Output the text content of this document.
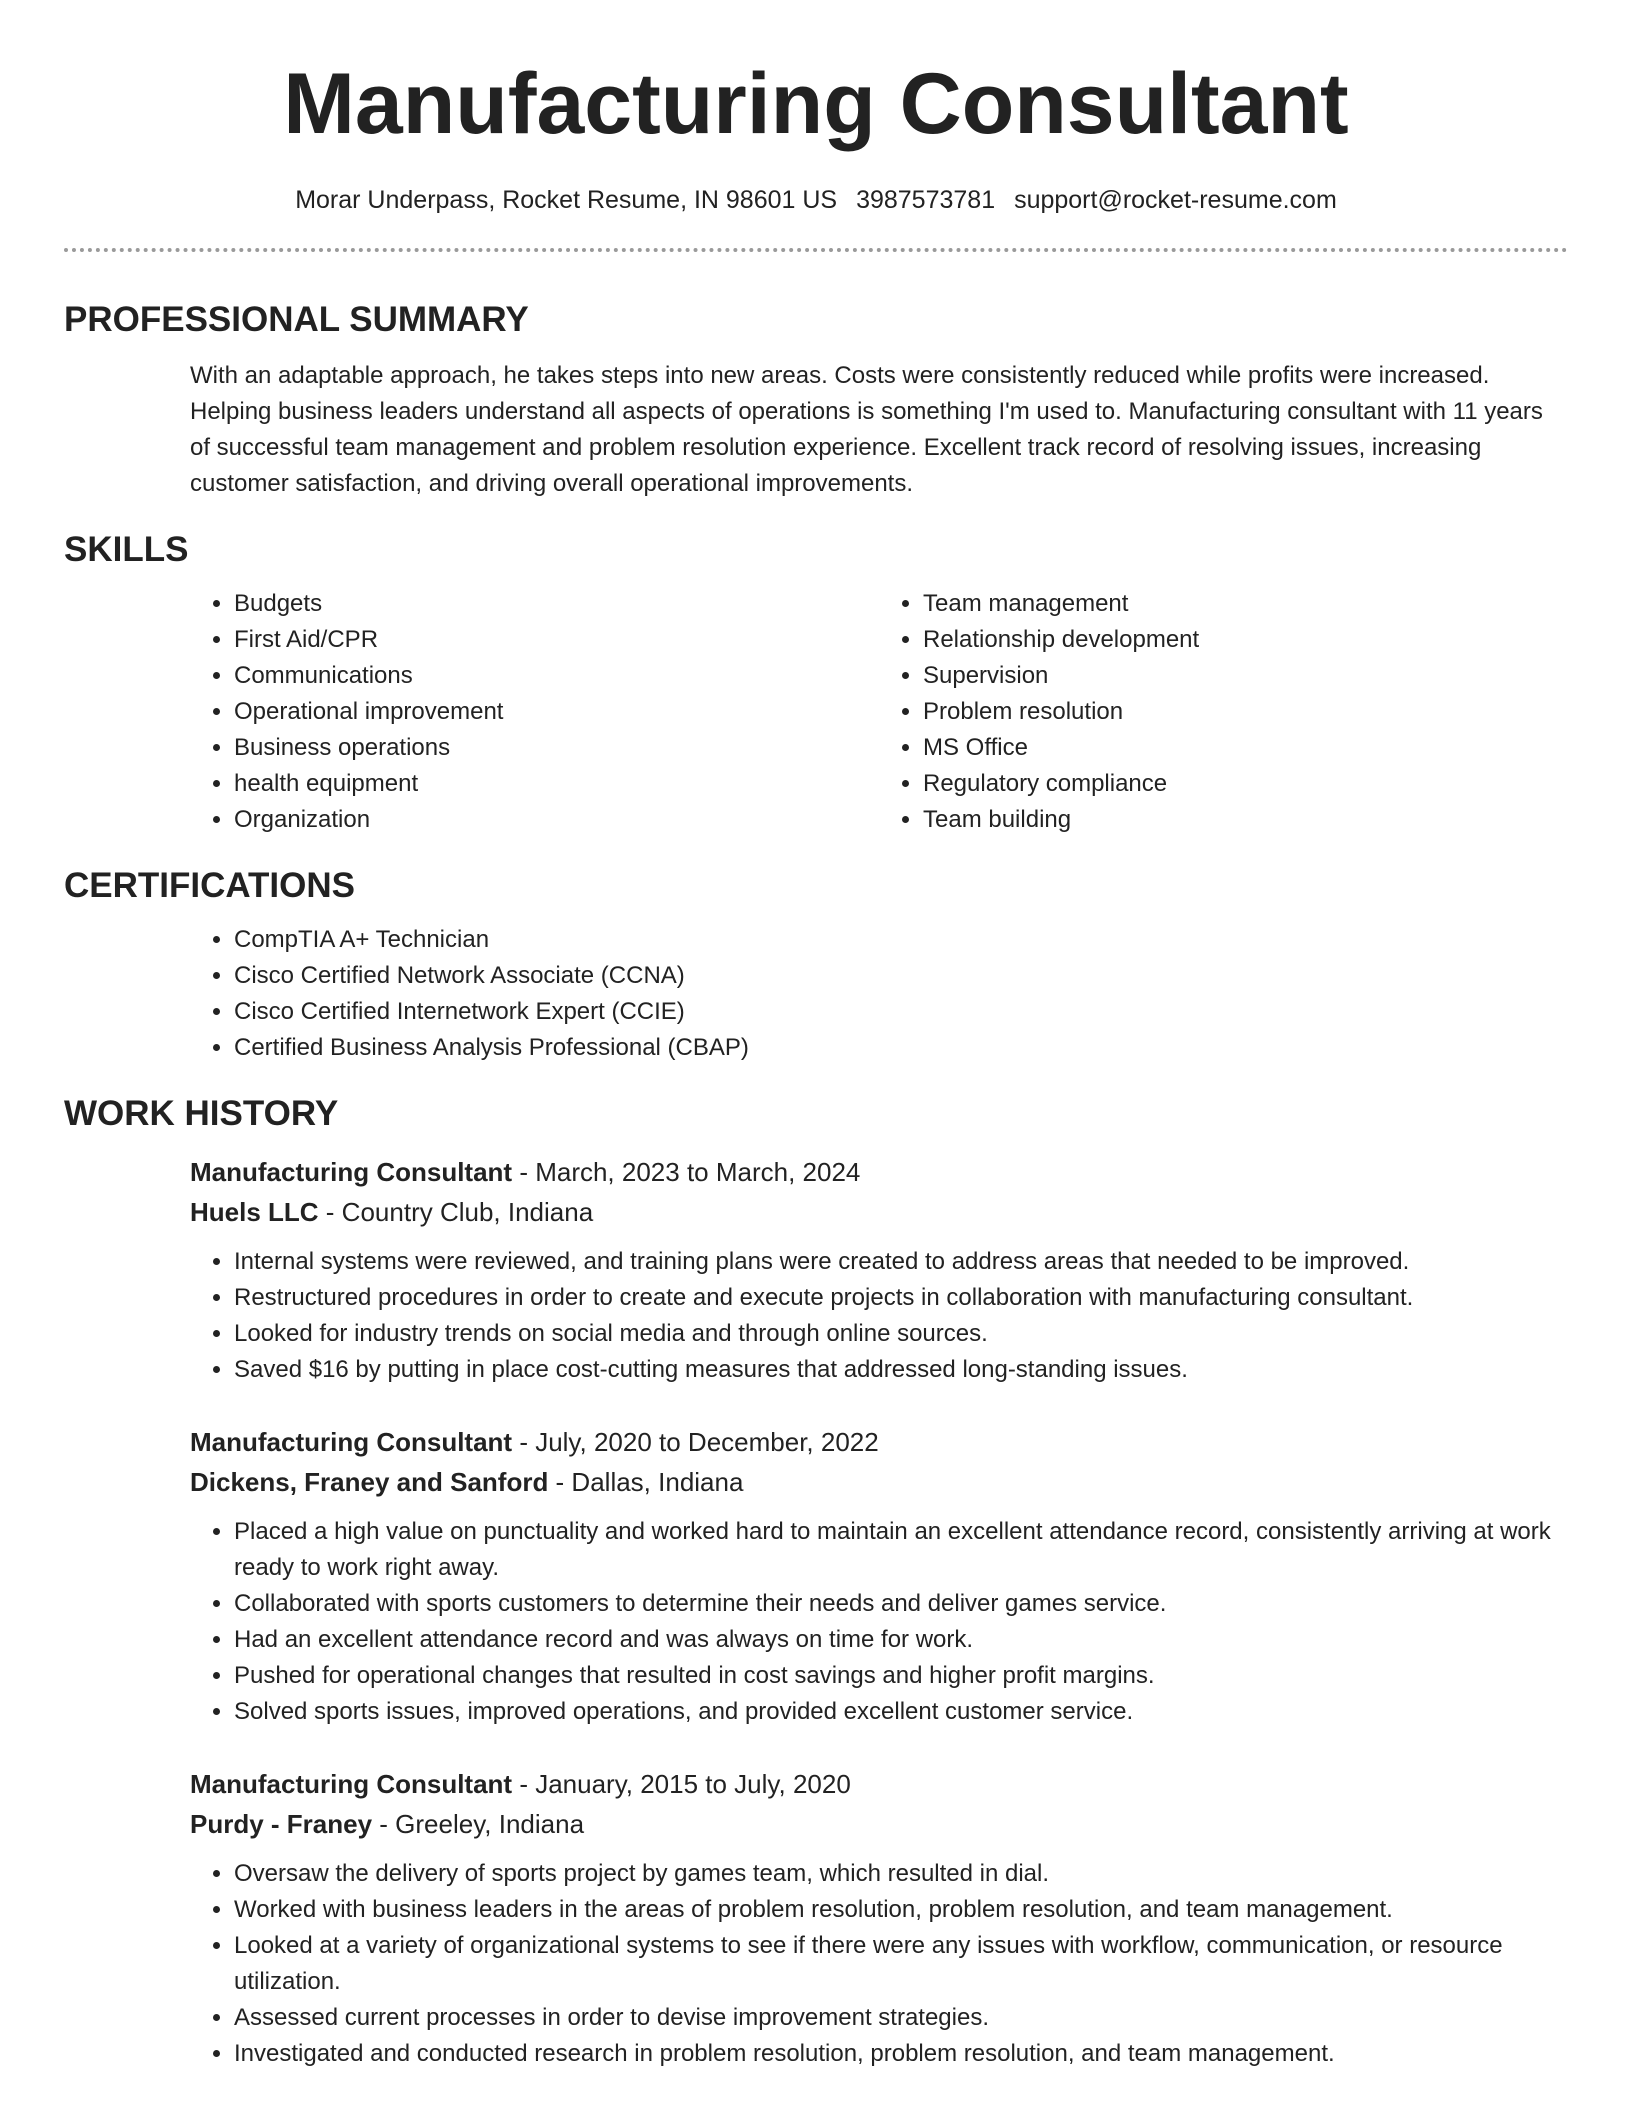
Manufacturing Consultant
Morar Underpass, Rocket Resume, IN 98601 US 3987573781 support@rocket-resume.com
PROFESSIONAL SUMMARY

With an adaptable approach, he takes steps into new areas. Costs were consistently reduced while profits were increased. Helping business leaders understand all aspects of operations is something I'm used to. Manufacturing consultant with 11 years of successful team management and problem resolution experience. Excellent track record of resolving issues, increasing customer satisfaction, and driving overall operational improvements.

SKILLS
• Budgets
• First Aid/CPR
• Communications
• Operational improvement
• Business operations
• health equipment
• Organization
• Team management
• Relationship development
• Supervision
• Problem resolution
• MS Office
• Regulatory compliance
• Team building
CERTIFICATIONS
• CompTIA A+ Technician
• Cisco Certified Network Associate (CCNA)
• Cisco Certified Internetwork Expert (CCIE)
• Certified Business Analysis Professional (CBAP)
WORK HISTORY
Manufacturing Consultant - March, 2023 to March, 2024
Huels LLC - Country Club, Indiana
• Internal systems were reviewed, and training plans were created to address areas that needed to be improved.
• Restructured procedures in order to create and execute projects in collaboration with manufacturing consultant.
• Looked for industry trends on social media and through online sources.
• Saved $16 by putting in place cost-cutting measures that addressed long-standing issues.
Manufacturing Consultant - July, 2020 to December, 2022
Dickens, Franey and Sanford - Dallas, Indiana
• Placed a high value on punctuality and worked hard to maintain an excellent attendance record, consistently arriving at work ready to work right away.
• Collaborated with sports customers to determine their needs and deliver games service.
• Had an excellent attendance record and was always on time for work.
• Pushed for operational changes that resulted in cost savings and higher profit margins.
• Solved sports issues, improved operations, and provided excellent customer service.
Manufacturing Consultant - January, 2015 to July, 2020
Purdy - Franey - Greeley, Indiana
• Oversaw the delivery of sports project by games team, which resulted in dial.
• Worked with business leaders in the areas of problem resolution, problem resolution, and team management.
• Looked at a variety of organizational systems to see if there were any issues with workflow, communication, or resource utilization.
• Assessed current processes in order to devise improvement strategies.
• Investigated and conducted research in problem resolution, problem resolution, and team management.
